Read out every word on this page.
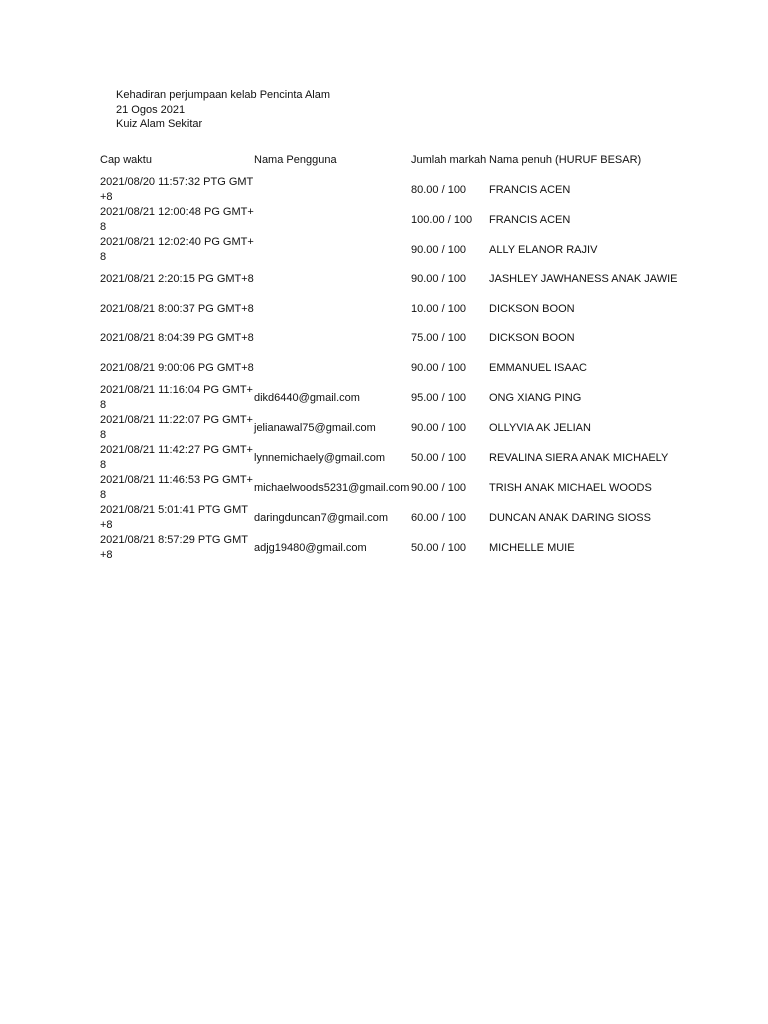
Kehadiran perjumpaan kelab Pencinta Alam
21 Ogos 2021
Kuiz Alam Sekitar
Cap waktu	Nama Pengguna	Jumlah markah	Nama penuh (HURUF BESAR)
2021/08/20 11:57:32 PTG GMT+8		80.00 / 100	FRANCIS ACEN
2021/08/21 12:00:48 PG GMT+8		100.00 / 100	FRANCIS ACEN
2021/08/21 12:02:40 PG GMT+8		90.00 / 100	ALLY ELANOR RAJIV
2021/08/21 2:20:15 PG GMT+8		90.00 / 100	JASHLEY JAWHANESS ANAK JAWIE
2021/08/21 8:00:37 PG GMT+8		10.00 / 100	DICKSON BOON
2021/08/21 8:04:39 PG GMT+8		75.00 / 100	DICKSON BOON
2021/08/21 9:00:06 PG GMT+8		90.00 / 100	EMMANUEL ISAAC
2021/08/21 11:16:04 PG GMT+8	dikd6440@gmail.com	95.00 / 100	ONG XIANG PING
2021/08/21 11:22:07 PG GMT+8	jelianawal75@gmail.com	90.00 / 100	OLLYVIA AK JELIAN
2021/08/21 11:42:27 PG GMT+8	lynnemichaely@gmail.com	50.00 / 100	REVALINA SIERA ANAK MICHAELY
2021/08/21 11:46:53 PG GMT+8	michaelwoods5231@gmail.com	90.00 / 100	TRISH ANAK MICHAEL WOODS
2021/08/21 5:01:41 PTG GMT+8	daringduncan7@gmail.com	60.00 / 100	DUNCAN ANAK DARING SIOSS
2021/08/21 8:57:29 PTG GMT+8	adjg19480@gmail.com	50.00 / 100	MICHELLE MUIE
